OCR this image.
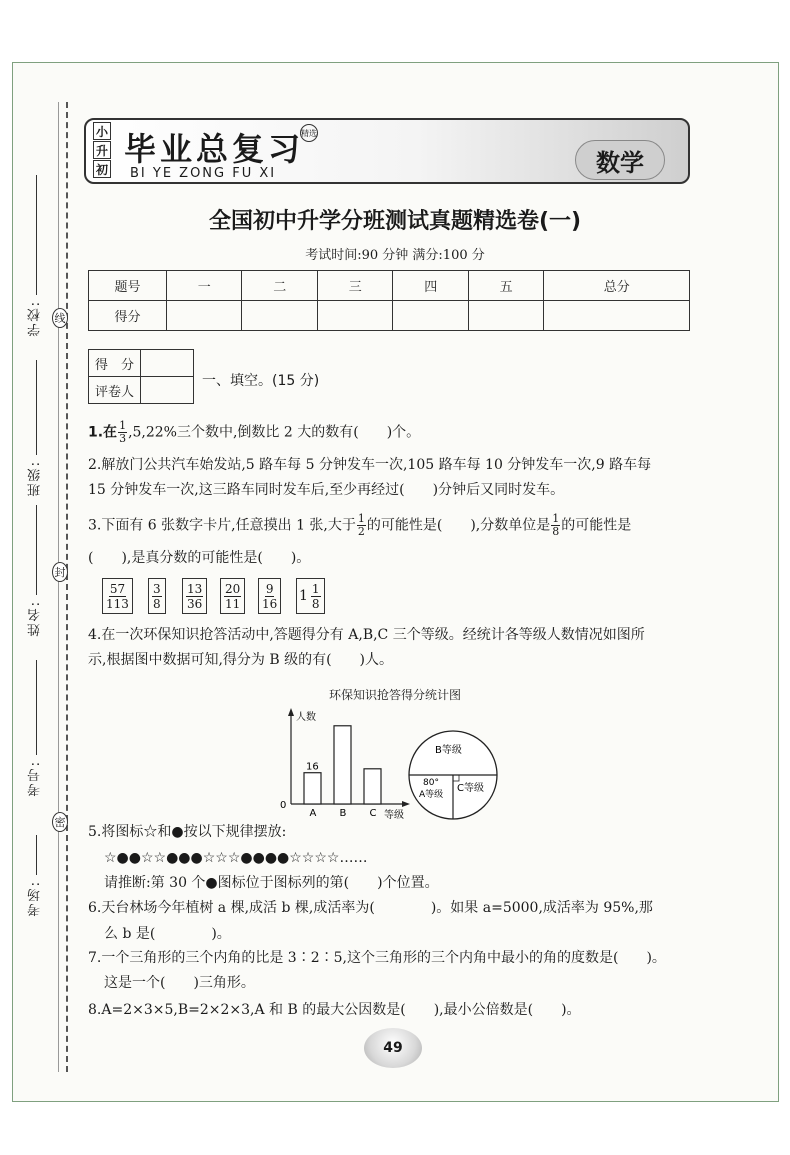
学校:
班级:
姓名:
考号:
考场:
线
封
密
小
升
初
毕业总复习
精选
BI YE ZONG FU XI	数学
全国初中升学分班测试真题精选卷(一)
考试时间:90 分钟 满分:100 分
题号	一	二	三	四	五	总分
得分						
得　分	
评卷人	
一、填空。(15 分)
1.在 $\frac{1}{3} ,5,22\%$三个数中,倒数比 2 大的数有(　　)个。
2.解放门公共汽车始发站,5 路车每 5 分钟发车一次,105 路车每 10 分钟发车一次,9 路车每
15 分钟发车一次,这三路车同时发车后,至少再经过(　　)分钟后又同时发车。
3.下面有 6 张数字卡片,任意摸出 1 张,大于 $\frac{1}{2}$ 的可能性是(　　),分数单位是 $\frac{1}{8}$ 的可能性是
(　　),是真分数的可能性是(　　)。
$\frac{57}{113} \frac{3}{8} \frac{13}{36} \frac{20}{11} \frac{9}{16} 1 \frac{1}{8}$
4.在一次环保知识抢答活动中,答题得分有 A,B,C 三个等级。经统计各等级人数情况如图所
示,根据图中数据可知,得分为 B 级的有(　　)人。
环保知识抢答得分统计图
人数
0
等级
A
16
B C
B等级
80°
A等级
C等级
5.将图标☆和●按以下规律摆放:
☆●●☆☆●●●☆☆☆●●●●☆☆☆☆……
请推断:第 30 个●图标位于图标列的第(　　)个位置。
6.天台林场今年植树 a 棵,成活 b 棵,成活率为(　　　　)。如果 a=5000,成活率为 95%,那
么 b 是(　　　　)。
7.一个三角形的三个内角的比是 3∶2∶5,这个三角形的三个内角中最小的角的度数是(　　)。
这是一个(　　)三角形。
8.A=2×3×5,B=2×2×3,A 和 B 的最大公因数是(　　),最小公倍数是(　　)。
49
